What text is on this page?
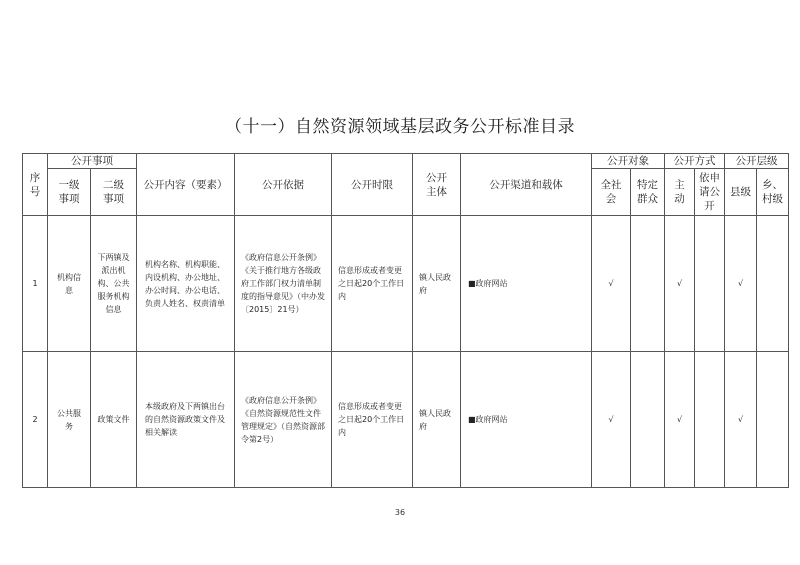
（十一）自然资源领域基层政务公开标准目录
序号	公开事项		公开内容（要素）	公开依据	公开时限	公开主体	公开渠道和载体	公开对象		公开方式		公开层级	
	一级事项	二级事项						全社会	特定群众	主动	依申请公开	县级	乡、村级
1	机构信息	下两镇及派出机构、公共服务机构信息	机构名称、机构职能、内设机构、办公地址、办公时间、办公电话、负责人姓名、权责清单	《政府信息公开条例》《关于推行地方各级政府工作部门权力清单制度的指导意见》（中办发〔2015〕21号）	信息形成或者变更之日起20个工作日内	镇人民政府	■政府网站	√		√		√	
2	公共服务	政策文件	本级政府及下两镇出台的自然资源政策文件及相关解读	《政府信息公开条例》《自然资源规范性文件管理规定》（自然资源部令第2号）	信息形成或者变更之日起20个工作日内	镇人民政府	■政府网站	√		√		√	
36
